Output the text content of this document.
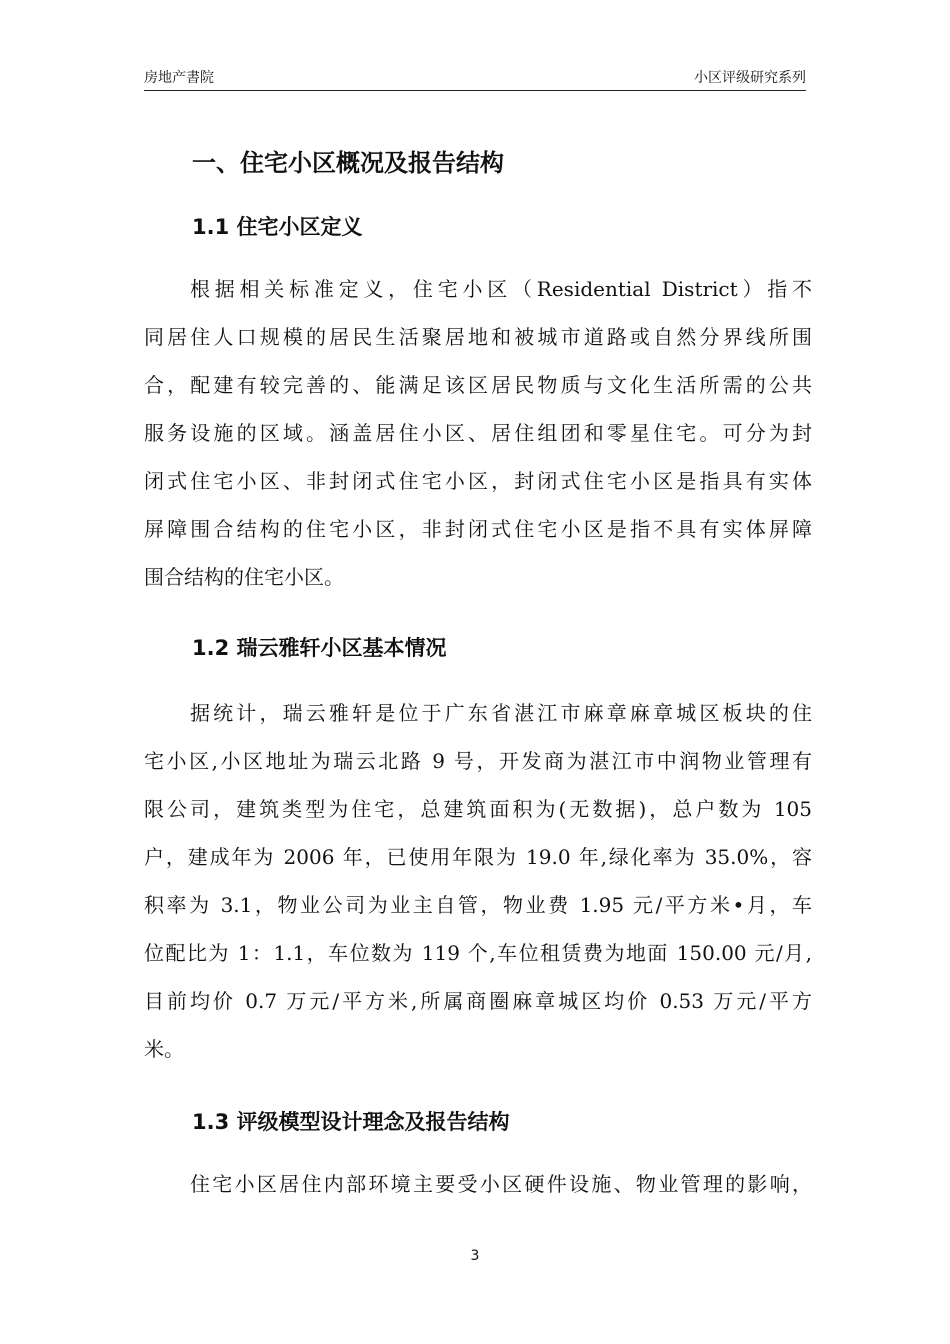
房地产書院	小区评级研究系列
一、住宅小区概况及报告结构
1.1 住宅小区定义
根据相关标准定义，住宅小区（Residential District）指不
同居住人口规模的居民生活聚居地和被城市道路或自然分界线所围
合，配建有较完善的、能满足该区居民物质与文化生活所需的公共
服务设施的区域。涵盖居住小区、居住组团和零星住宅。可分为封
闭式住宅小区、非封闭式住宅小区，封闭式住宅小区是指具有实体
屏障围合结构的住宅小区，非封闭式住宅小区是指不具有实体屏障
围合结构的住宅小区。
1.2 瑞云雅轩小区基本情况
据统计，瑞云雅轩是位于广东省湛江市麻章麻章城区板块的住
宅小区,小区地址为瑞云北路 9 号，开发商为湛江市中润物业管理有
限公司，建筑类型为住宅，总建筑面积为(无数据)，总户数为 105
户，建成年为 2006 年，已使用年限为 19.0 年,绿化率为 35.0%，容
积率为 3.1，物业公司为业主自管，物业费 1.95 元/平方米•月，车
位配比为 1：1.1，车位数为 119 个,车位租赁费为地面 150.00 元/月,
目前均价 0.7 万元/平方米,所属商圈麻章城区均价 0.53 万元/平方
米。
1.3 评级模型设计理念及报告结构
住宅小区居住内部环境主要受小区硬件设施、物业管理的影响，
3
